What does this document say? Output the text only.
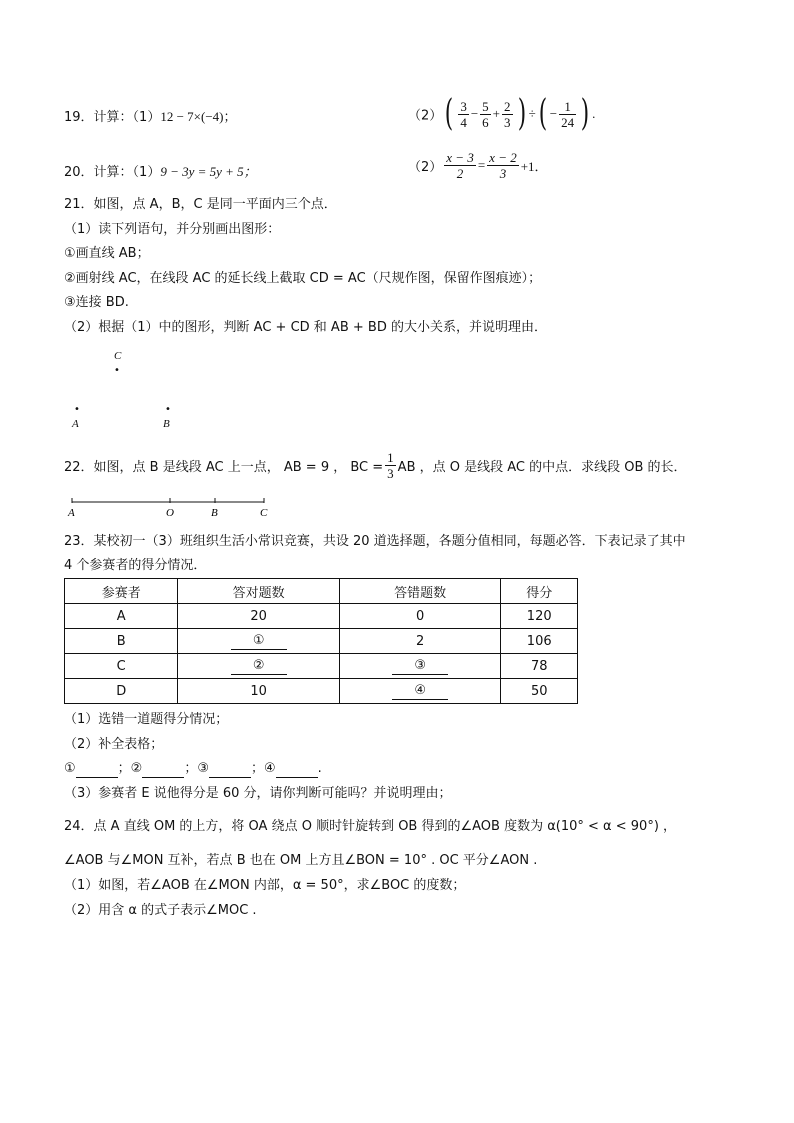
19．计算：（1）12 − 7×(−4)；	$(2)( \frac{3}{4} - \frac{5}{6} + \frac{2}{3}$ ) ÷( − $\frac{1}{24}$ ) .
20．计算：（1）9 − 3y = 5y + 5；	$(2) \frac{x - 3}{2} = \frac{x - 2}{3} +1$．
21．如图，点 A，B，C 是同一平面内三个点．
（1）读下列语句，并分别画出图形：
①画直线 AB；
②画射线 AC，在线段 AC 的延长线上截取 CD = AC（尺规作图，保留作图痕迹）；
③连接 BD.
（2）根据（1）中的图形，判断 AC + CD 和 AB + BD 的大小关系，并说明理由．
C
•
•
A
•
B
22．如图，点 B 是线段 AC 上一点， AB = 9 ， BC = $\frac{1}{3}$ AB ，点 O 是线段 AC 的中点．求线段 OB 的长．
A	O	B	C
23．某校初一（3）班组织生活小常识竞赛，共设 20 道选择题，各题分值相同，每题必答．下表记录了其中
4 个参赛者的得分情况．
参赛者	答对题数	答错题数	得分
A	20	0	120
B	①	2	106
C	②	③	78
D	10	④	50
（1）选错一道题得分情况；
（2）补全表格；
①	；②	；③	；④	.
（3）参赛者 E 说他得分是 60 分，请你判断可能吗？并说明理由；
24．点 A 直线 OM 的上方，将 OA 绕点 O 顺时针旋转到 OB 得到的∠AOB 度数为 α(10° < α < 90°) ，
∠AOB 与∠MON 互补，若点 B 也在 OM 上方且∠BON = 10° . OC 平分∠AON .
（1）如图，若∠AOB 在∠MON 内部，α = 50°，求∠BOC 的度数；
（2）用含 α 的式子表示∠MOC .
